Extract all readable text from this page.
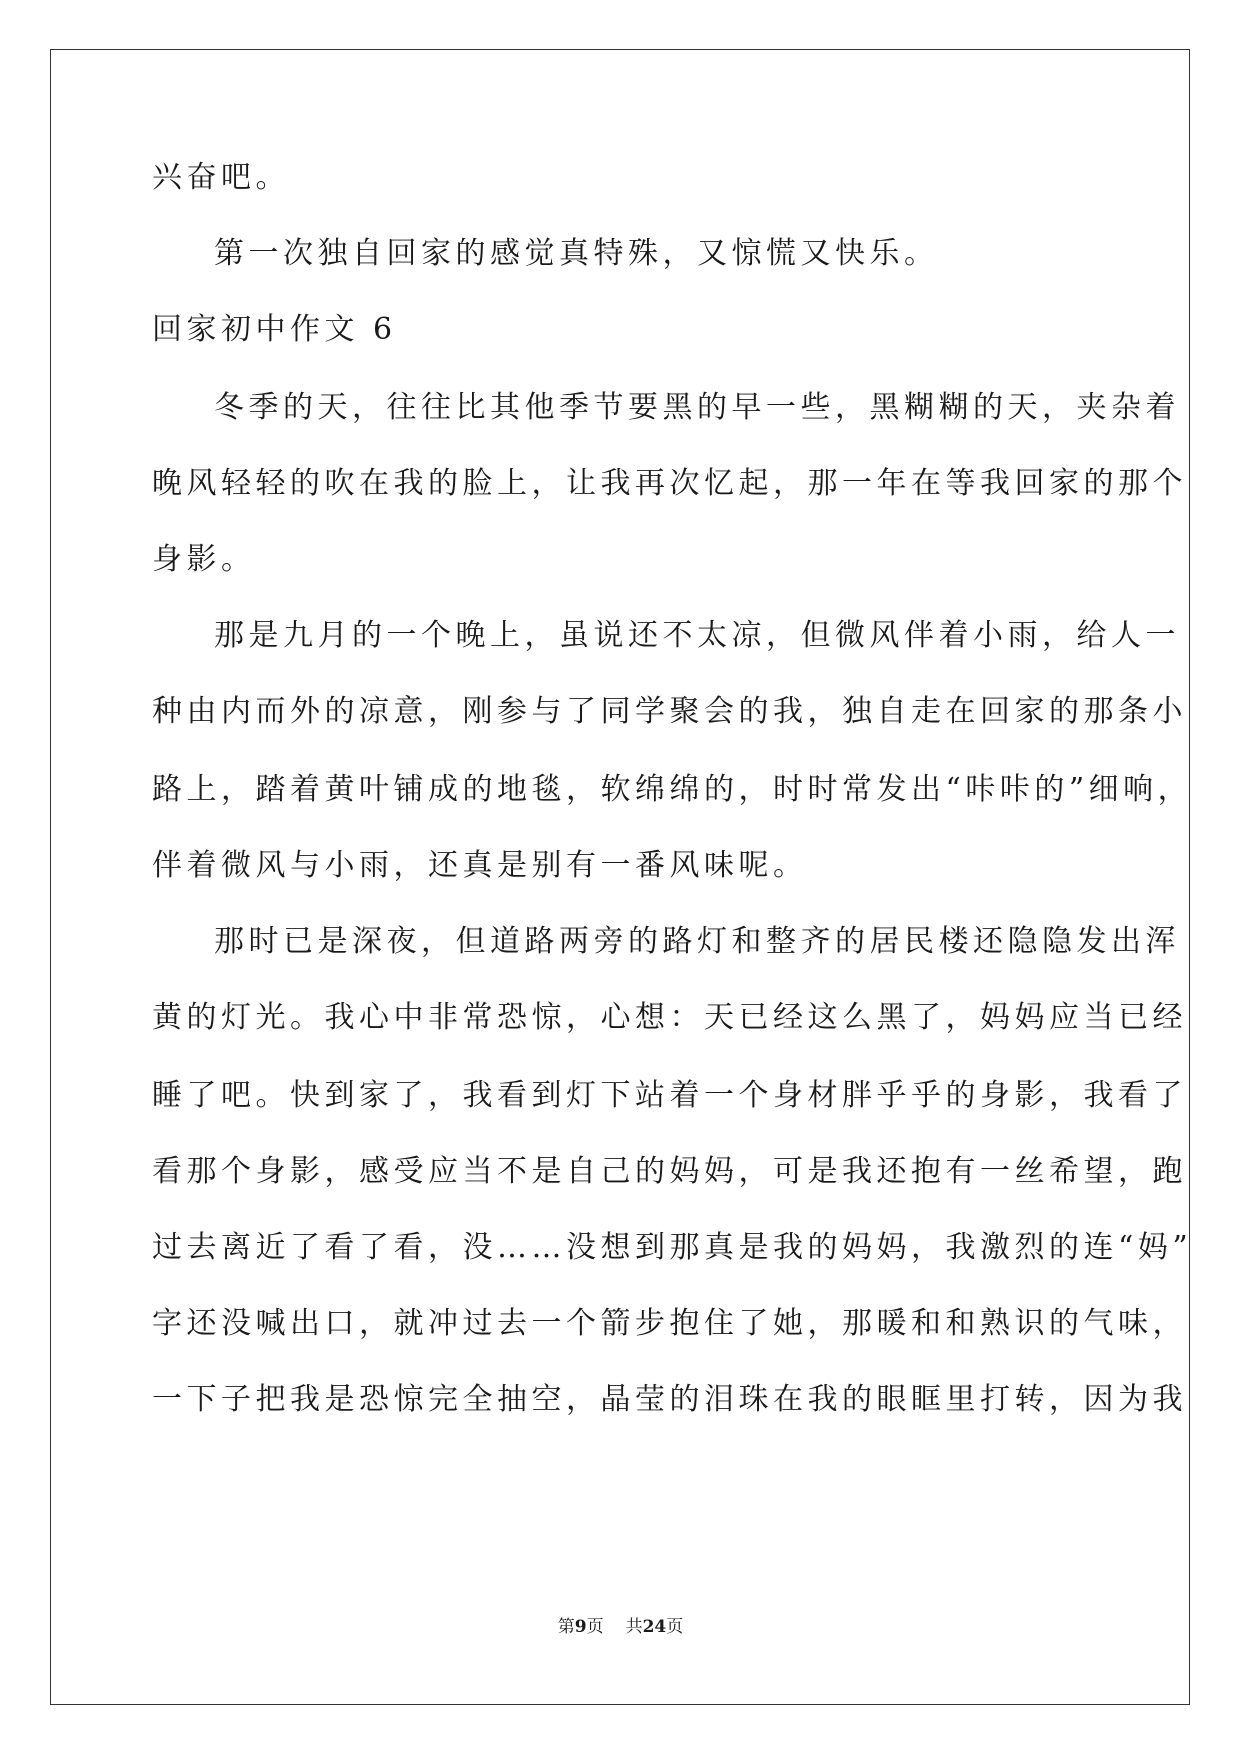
兴奋吧。
第一次独自回家的感觉真特殊，又惊慌又快乐。
回家初中作文 6
冬季的天，往往比其他季节要黑的早一些，黑糊糊的天，夹杂着
晚风轻轻的吹在我的脸上，让我再次忆起，那一年在等我回家的那个
身影。
那是九月的一个晚上，虽说还不太凉，但微风伴着小雨，给人一
种由内而外的凉意，刚参与了同学聚会的我，独自走在回家的那条小
路上，踏着黄叶铺成的地毯，软绵绵的，时时常发出“咔咔的”细响，
伴着微风与小雨，还真是别有一番风味呢。
那时已是深夜，但道路两旁的路灯和整齐的居民楼还隐隐发出浑
黄的灯光。我心中非常恐惊，心想：天已经这么黑了，妈妈应当已经
睡了吧。快到家了，我看到灯下站着一个身材胖乎乎的身影，我看了
看那个身影，感受应当不是自己的妈妈，可是我还抱有一丝希望，跑
过去离近了看了看，没……没想到那真是我的妈妈，我激烈的连“妈”
字还没喊出口，就冲过去一个箭步抱住了她，那暖和和熟识的气味，
一下子把我是恐惊完全抽空，晶莹的泪珠在我的眼眶里打转，因为我
第9页 共24页
